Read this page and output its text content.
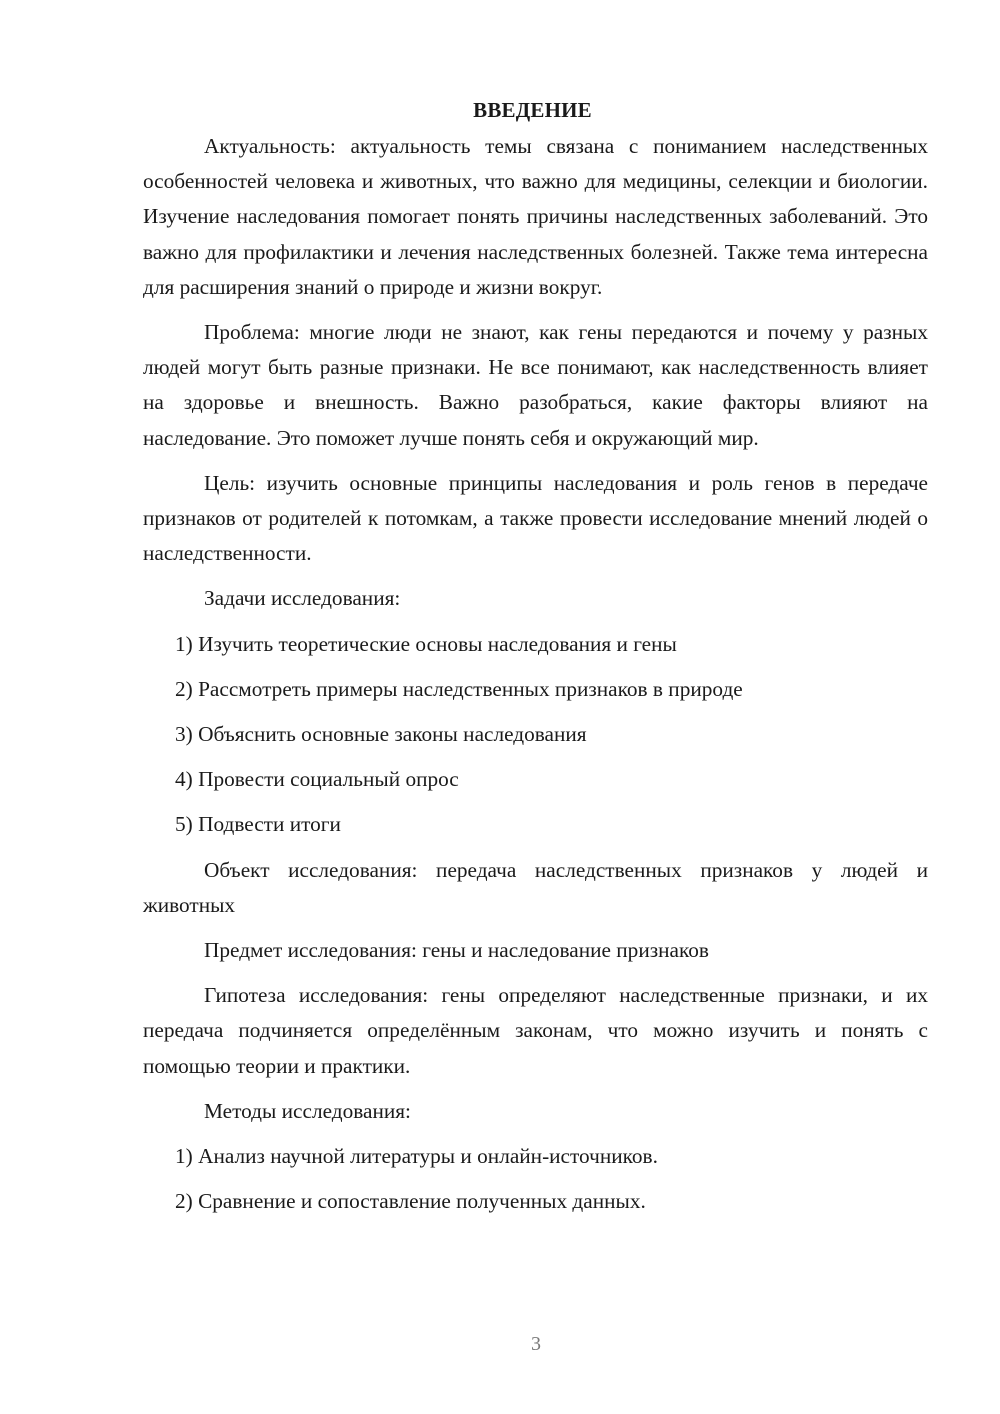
ВВЕДЕНИЕ

Актуальность: актуальность темы связана с пониманием наследственных особенностей человека и животных, что важно для медицины, селекции и биологии. Изучение наследования помогает понять причины наследственных заболеваний. Это важно для профилактики и лечения наследственных болезней. Также тема интересна для расширения знаний о природе и жизни вокруг.

Проблема: многие люди не знают, как гены передаются и почему у разных людей могут быть разные признаки. Не все понимают, как наследственность влияет на здоровье и внешность. Важно разобраться, какие факторы влияют на наследование. Это поможет лучше понять себя и окружающий мир.

Цель: изучить основные принципы наследования и роль генов в передаче признаков от родителей к потомкам, а также провести исследование мнений людей о наследственности.

Задачи исследования:

1) Изучить теоретические основы наследования и гены

2) Рассмотреть примеры наследственных признаков в природе

3) Объяснить основные законы наследования

4) Провести социальный опрос

5) Подвести итоги

Объект исследования: передача наследственных признаков у людей и животных

Предмет исследования: гены и наследование признаков

Гипотеза исследования: гены определяют наследственные признаки, и их передача подчиняется определённым законам, что можно изучить и понять с помощью теории и практики.

Методы исследования:

1) Анализ научной литературы и онлайн-источников.

2) Сравнение и сопоставление полученных данных.

3
